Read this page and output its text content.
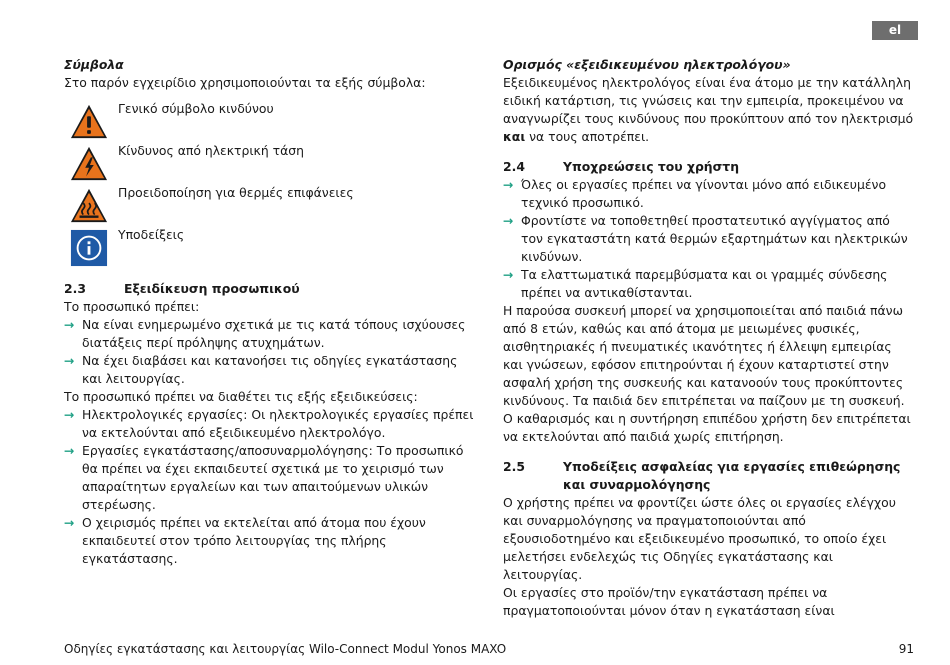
el

Σύμβολα

Στο παρόν εγχειρίδιο χρησιμοποιούνται τα εξής σύμβολα:

Γενικό σύμβολο κινδύνου
Κίνδυνος από ηλεκτρική τάση
Προειδοποίηση για θερμές επιφάνειες
Υποδείξεις
2.3	Εξειδίκευση προσωπικού

Το προσωπικό πρέπει:

→ Να είναι ενημερωμένο σχετικά με τις κατά τόπους ισχύουσες διατάξεις περί πρόληψης ατυχημάτων.
→ Να έχει διαβάσει και κατανοήσει τις οδηγίες εγκατάστασης και λειτουργίας.

Το προσωπικό πρέπει να διαθέτει τις εξής εξειδικεύσεις:

→ Ηλεκτρολογικές εργασίες: Οι ηλεκτρολογικές εργασίες πρέπει να εκτελούνται από εξειδικευμένο ηλεκτρολόγο.
→ Εργασίες εγκατάστασης/αποσυναρμολόγησης: Το προσωπικό θα πρέπει να έχει εκπαιδευτεί σχετικά με το χειρισμό των απαραίτητων εργαλείων και των απαιτούμενων υλικών στερέωσης.
→ Ο χειρισμός πρέπει να εκτελείται από άτομα που έχουν εκπαιδευτεί στον τρόπο λειτουργίας της πλήρης εγκατάστασης.

Ορισμός «εξειδικευμένου ηλεκτρολόγου»

Εξειδικευμένος ηλεκτρολόγος είναι ένα άτομο με την κατάλληλη ειδική κατάρτιση, τις γνώσεις και την εμπειρία, προκειμένου να αναγνωρίζει τους κινδύνους που προκύπτουν από τον ηλεκτρισμό και να τους αποτρέπει.

2.4	Υποχρεώσεις του χρήστη
→ Όλες οι εργασίες πρέπει να γίνονται μόνο από ειδικευμένο τεχνικό προσωπικό.
→ Φροντίστε να τοποθετηθεί προστατευτικό αγγίγματος από τον εγκαταστάτη κατά θερμών εξαρτημάτων και ηλεκτρικών κινδύνων.
→ Τα ελαττωματικά παρεμβύσματα και οι γραμμές σύνδεσης πρέπει να αντικαθίστανται.

Η παρούσα συσκευή μπορεί να χρησιμοποιείται από παιδιά πάνω από 8 ετών, καθώς και από άτομα με μειωμένες φυσικές, αισθητηριακές ή πνευματικές ικανότητες ή έλλειψη εμπειρίας και γνώσεων, εφόσον επιτηρούνται ή έχουν καταρτιστεί στην ασφαλή χρήση της συσκευής και κατανοούν τους προκύπτοντες κινδύνους. Τα παιδιά δεν επιτρέπεται να παίζουν με τη συσκευή. Ο καθαρισμός και η συντήρηση επιπέδου χρήστη δεν επιτρέπεται να εκτελούνται από παιδιά χωρίς επιτήρηση.

2.5	Υποδείξεις ασφαλείας για εργασίες επιθεώρησης και συναρμολόγησης

Ο χρήστης πρέπει να φροντίζει ώστε όλες οι εργασίες ελέγχου και συναρμολόγησης να πραγματοποιούνται από εξουσιοδοτημένο και εξειδικευμένο προσωπικό, το οποίο έχει μελετήσει ενδελεχώς τις Οδηγίες εγκατάστασης και λειτουργίας.

Οι εργασίες στο προϊόν/την εγκατάσταση πρέπει να πραγματοποιούνται μόνον όταν η εγκατάσταση είναι

Οδηγίες εγκατάστασης και λειτουργίας Wilo-Connect Modul Yonos MAXO	91
